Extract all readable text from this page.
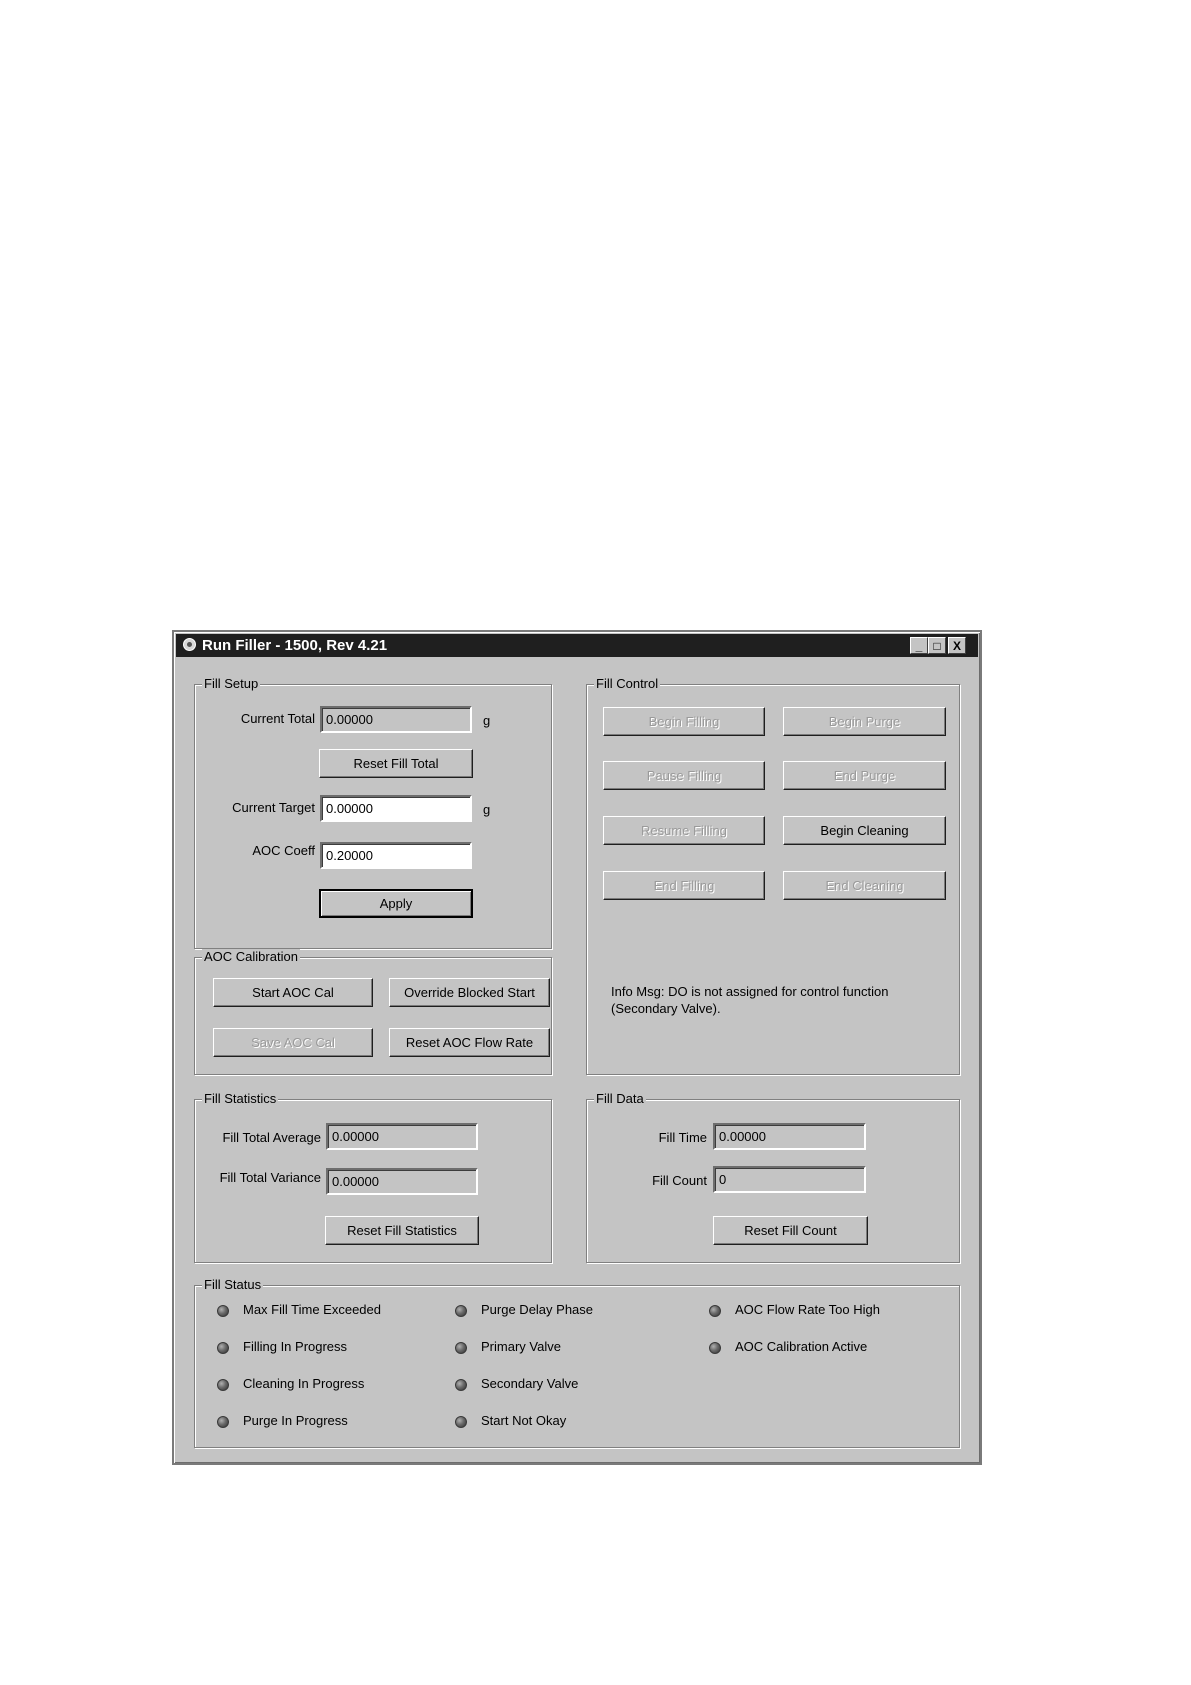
Run Filler - 1500, Rev 4.21	_ □	X
Fill Setup
Current Total 0.00000	g
Reset Fill Total
Current Target 0.00000	g
AOC Coeff 0.20000
Apply
AOC Calibration
Start AOC Cal	Override Blocked Start
Save AOC Cal	Reset AOC Flow Rate
Fill Control
Begin Filling	Begin Purge
Pause Filling	End Purge
Resume Filling	Begin Cleaning
End Filling	End Cleaning
Info Msg: DO is not assigned for control function
(Secondary Valve).
Fill Statistics
Fill Total Average 0.00000
Fill Total Variance 0.00000
Reset Fill Statistics
Fill Data
Fill Time 0.00000
Fill Count 0
Reset Fill Count
Fill Status
Max Fill Time Exceeded
Filling In Progress
Cleaning In Progress
Purge In Progress
Purge Delay Phase
Primary Valve
Secondary Valve
Start Not Okay
AOC Flow Rate Too High
AOC Calibration Active
